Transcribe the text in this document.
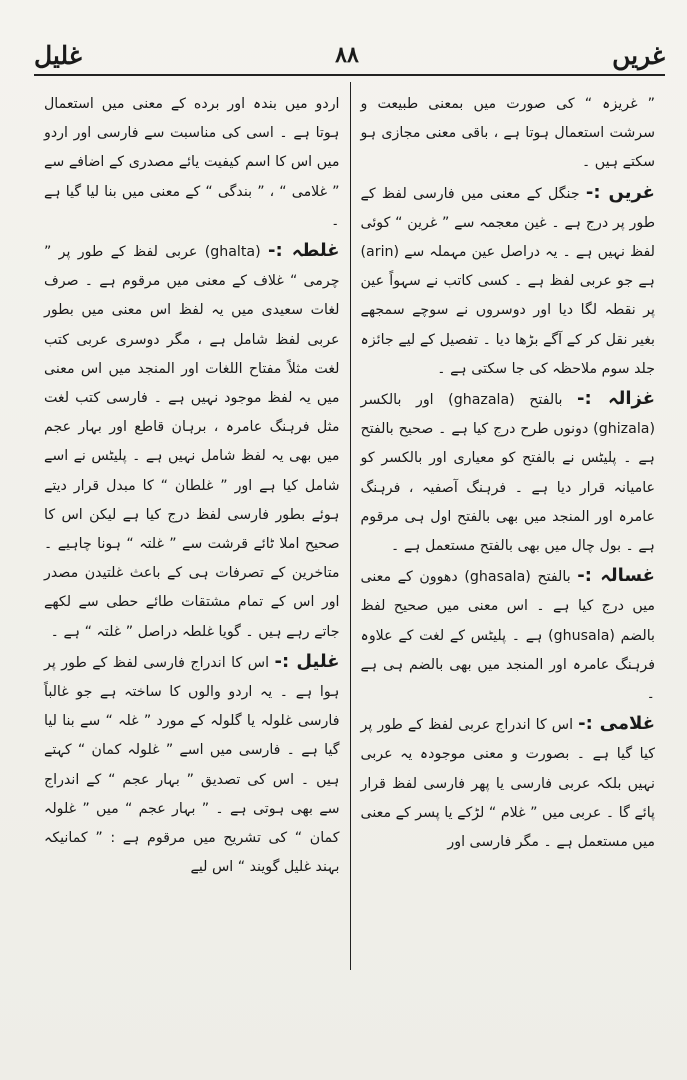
غلیل	۸۸	غریں

” غریزہ “ کی صورت میں بمعنی طبیعت و سرشت استعمال ہوتا ہے ، باقی معنی مجازی ہو سکتے ہیں ۔

غریں :- جنگل کے معنی میں فارسی لفظ کے طور پر درج ہے ۔ غین معجمہ سے ” غرین “ کوئی لفظ نہیں ہے ۔ یہ دراصل عین مہملہ سے (arin) ہے جو عربی لفظ ہے ۔ کسی کاتب نے سہواً عین پر نقطہ لگا دیا اور دوسروں نے سوچے سمجھے بغیر نقل کر کے آگے بڑھا دیا ۔ تفصیل کے لیے جائزہ جلد سوم ملاحظہ کی جا سکتی ہے ۔

غزالہ :- بالفتح (ghazala) اور بالکسر (ghizala) دونوں طرح درج کیا ہے ۔ صحیح بالفتح ہے ۔ پلیٹس نے بالفتح کو معیاری اور بالکسر کو عامیانہ قرار دیا ہے ۔ فرہنگ آصفیہ ، فرہنگ عامرہ اور المنجد میں بھی بالفتح اول ہی مرقوم ہے ۔ بول چال میں بھی بالفتح مستعمل ہے ۔

غسالہ :- بالفتح (ghasala) دھوون کے معنی میں درج کیا ہے ۔ اس معنی میں صحیح لفظ بالضم (ghusala) ہے ۔ پلیٹس کے لغت کے علاوہ فرہنگ عامرہ اور المنجد میں بھی بالضم ہی ہے ۔

غلامی :- اس کا اندراج عربی لفظ کے طور پر کیا گیا ہے ۔ بصورت و معنی موجودہ یہ عربی نہیں بلکہ عربی فارسی یا پھر فارسی لفظ قرار پائے گا ۔ عربی میں ” غلام “ لڑکے یا پسر کے معنی میں مستعمل ہے ۔ مگر فارسی اور

اردو میں بندہ اور برده کے معنی میں استعمال ہوتا ہے ۔ اسی کی مناسبت سے فارسی اور اردو میں اس کا اسم کیفیت یائے مصدری کے اضافے سے ” غلامی “ ، ” بندگی “ کے معنی میں بنا لیا گیا ہے ۔

غلطہ :- (ghalta) عربی لفظ کے طور پر ” چرمی “ غلاف کے معنی میں مرقوم ہے ۔ صرف لغات سعیدی میں یہ لفظ اس معنی میں بطور عربی لفظ شامل ہے ، مگر دوسری عربی کتب لغت مثلاً مفتاح اللغات اور المنجد میں اس معنی میں یہ لفظ موجود نہیں ہے ۔ فارسی کتب لغت مثل فرہنگ عامرہ ، برہان قاطع اور بہار عجم میں بھی یہ لفظ شامل نہیں ہے ۔ پلیٹس نے اسے شامل کیا ہے اور ” غلطان “ کا مبدل قرار دیتے ہوئے بطور فارسی لفظ درج کیا ہے لیکن اس کا صحیح املا ٹائے قرشت سے ” غلتہ “ ہونا چاہیے ۔ متاخرین کے تصرفات ہی کے باعث غلتیدن مصدر اور اس کے تمام مشتقات طائے حطی سے لکھے جاتے رہے ہیں ۔ گویا غلطہ دراصل ” غلتہ “ ہے ۔

غلیل :- اس کا اندراج فارسی لفظ کے طور پر ہوا ہے ۔ یہ اردو والوں کا ساختہ ہے جو غالباً فارسی غلولہ یا گلولہ کے مورد ” غلہ “ سے بنا لیا گیا ہے ۔ فارسی میں اسے ” غلولہ کمان “ کہتے ہیں ۔ اس کی تصدیق ” بہار عجم “ کے اندراج سے بھی ہوتی ہے ۔ ” بہار عجم “ میں ” غلولہ کمان “ کی تشریح میں مرقوم ہے : ” کمانیکہ بہند غلیل گویند “ اس لیے
